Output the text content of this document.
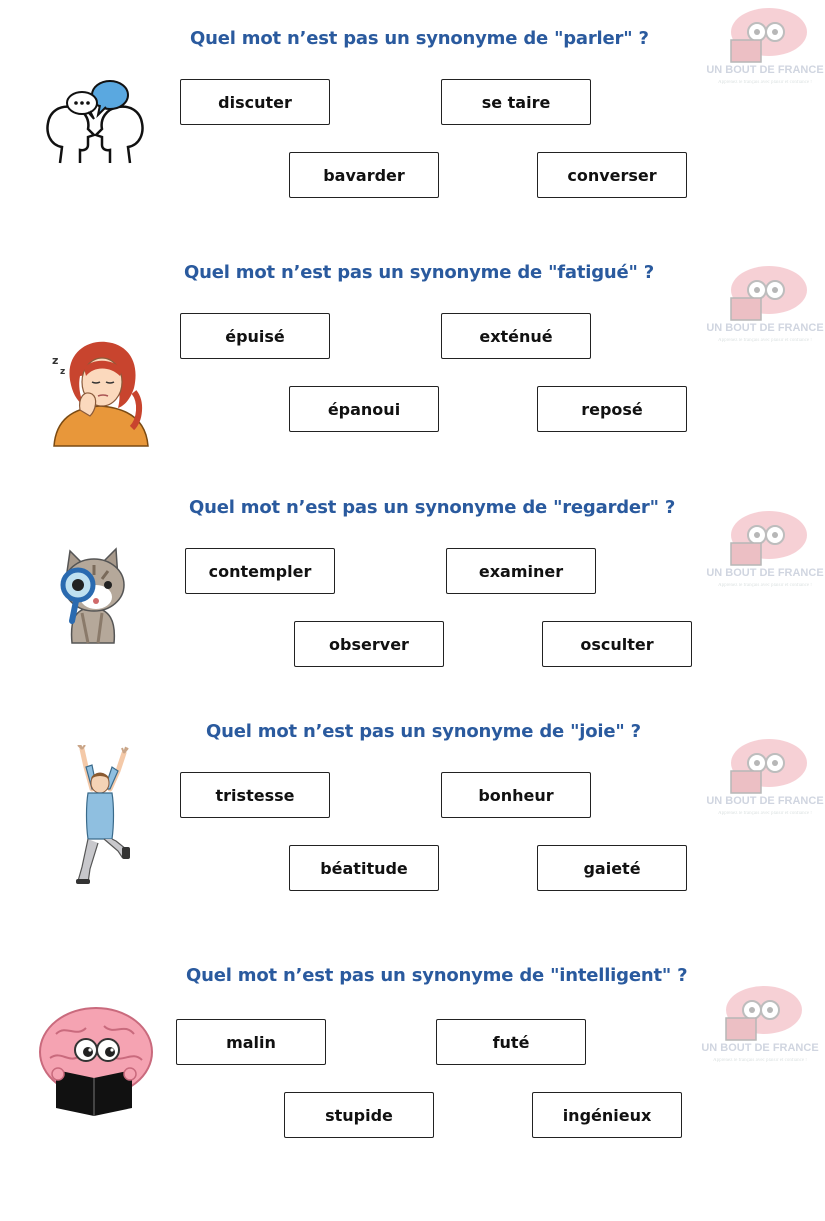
Quel mot n’est pas un synonyme de "parler" ?
discuter	se taire
bavarder	converser
UN BOUT DE FRANCE
Apprenez le français avec plaisir et confiance !
Quel mot n’est pas un synonyme de "fatigué" ?
z
z
épuisé	exténué
épanoui	reposé
UN BOUT DE FRANCE
Apprenez le français avec plaisir et confiance !
Quel mot n’est pas un synonyme de "regarder" ?
contempler	examiner
observer	osculter
UN BOUT DE FRANCE
Apprenez le français avec plaisir et confiance !
Quel mot n’est pas un synonyme de "joie" ?
tristesse	bonheur
béatitude	gaieté
UN BOUT DE FRANCE
Apprenez le français avec plaisir et confiance !
Quel mot n’est pas un synonyme de "intelligent" ?
malin	futé
stupide	ingénieux
UN BOUT DE FRANCE
Apprenez le français avec plaisir et confiance !
